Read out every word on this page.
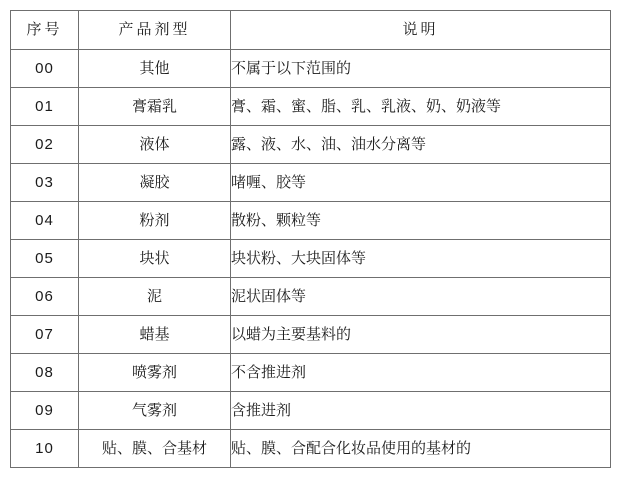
序号	产品剂型	说明
00	其他	不属于以下范围的
01	膏霜乳	膏、霜、蜜、脂、乳、乳液、奶、奶液等
02	液体	露、液、水、油、油水分离等
03	凝胶	啫喱、胶等
04	粉剂	散粉、颗粒等
05	块状	块状粉、大块固体等
06	泥	泥状固体等
07	蜡基	以蜡为主要基料的
08	喷雾剂	不含推进剂
09	气雾剂	含推进剂
10	贴、膜、合基材	贴、膜、合配合化妆品使用的基材的
